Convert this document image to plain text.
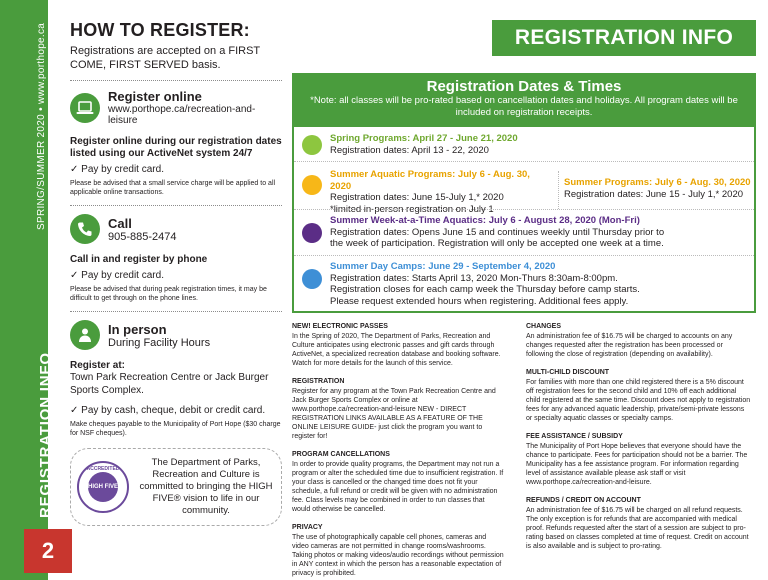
SPRING/SUMMER 2020 • www.porthope.ca
REGISTRATION INFO
2
REGISTRATION INFO
HOW TO REGISTER:
Registrations are accepted on a FIRST COME, FIRST SERVED basis.
Register online
www.porthope.ca/recreation-and-leisure
Register online during our registration dates listed using our ActiveNet system 24/7
✓ Pay by credit card.
Please be advised that a small service charge will be applied to all applicable online transactions.
Call
905-885-2474
Call in and register by phone
✓ Pay by credit card.
Please be advised that during peak registration times, it may be difficult to get through on the phone lines.
In person
During Facility Hours
Register at:
Town Park Recreation Centre or Jack Burger Sports Complex.
✓ Pay by cash, cheque, debit or credit card.
Make cheques payable to the Municipality of Port Hope ($30 charge for NSF cheques).
ACCREDITED
HIGH FIVE
The Department of Parks, Recreation and Culture is committed to bringing the HIGH FIVE® vision to life in our community.
Registration Dates & Times

*Note: all classes will be pro-rated based on cancellation dates and holidays. All program dates will be included on registration receipts.

Spring Programs: April 27 - June 21, 2020
Registration dates: April 13 - 22, 2020
Summer Aquatic Programs: July 6 - Aug. 30, 2020
Registration dates: June 15-July 1,* 2020
*limited in-person registration on July 1
Summer Programs: July 6 - Aug. 30, 2020
Registration dates: June 15 - July 1,* 2020
Summer Week-at-a-Time Aquatics: July 6 - August 28, 2020 (Mon-Fri)
Registration dates: Opens June 15 and continues weekly until Thursday prior to
the week of participation. Registration will only be accepted one week at a time.
Summer Day Camps: June 29 - September 4, 2020
Registration dates: Starts April 13, 2020 Mon-Thurs 8:30am-8:00pm.
Registration closes for each camp week the Thursday before camp starts.
Please request extended hours when registering. Additional fees apply.
NEW! ELECTRONIC PASSES

In the Spring of 2020, The Department of Parks, Recreation and Culture anticipates using electronic passes and gift cards through ActiveNet, a specialized recreation database and booking software. Watch for more details for the launch of this service.

REGISTRATION

Register for any program at the Town Park Recreation Centre and Jack Burger Sports Complex or online at www.porthope.ca/recreation-and-leisure NEW - DIRECT REGISTRATION LINKS AVAILABLE AS A FEATURE OF THE ONLINE LEISURE GUIDE- just click the program you want to register for!

PROGRAM CANCELLATIONS

In order to provide quality programs, the Department may not run a program or alter the scheduled time due to insufficient registration. If your class is cancelled or the changed time does not fit your schedule, a full refund or credit will be given with no administration fee. Class levels may be combined in order to run classes that would otherwise be cancelled.

PRIVACY

The use of photographically capable cell phones, cameras and video cameras are not permitted in change rooms/washrooms. Taking photos or making videos/audio recordings without permission in ANY context in which the person has a reasonable expectation of privacy is prohibited.

CHANGES

An administration fee of $16.75 will be charged to accounts on any changes requested after the registration has been processed or following the close of registration (depending on availability).

MULTI-CHILD DISCOUNT

For families with more than one child registered there is a 5% discount off registration fees for the second child and 10% off each additional child registered at the same time. Discount does not apply to registration fees for any advanced aquatic leadership, private/semi-private lessons or specialty aquatic classes or specialty camps.

FEE ASSISTANCE / SUBSIDY

The Municipality of Port Hope believes that everyone should have the chance to participate. Fees for participation should not be a barrier. The Municipality has a fee assistance program. For information regarding level of assistance available please ask staff or visit www.porthope.ca/recreation-and-leisure.

REFUNDS / CREDIT ON ACCOUNT

An administration fee of $16.75 will be charged on all refund requests. The only exception is for refunds that are accompanied with medical proof. Refunds requested after the start of a session are subject to pro-rating based on classes completed at time of request. Credit on account is also available and is subject to pro-rating.
